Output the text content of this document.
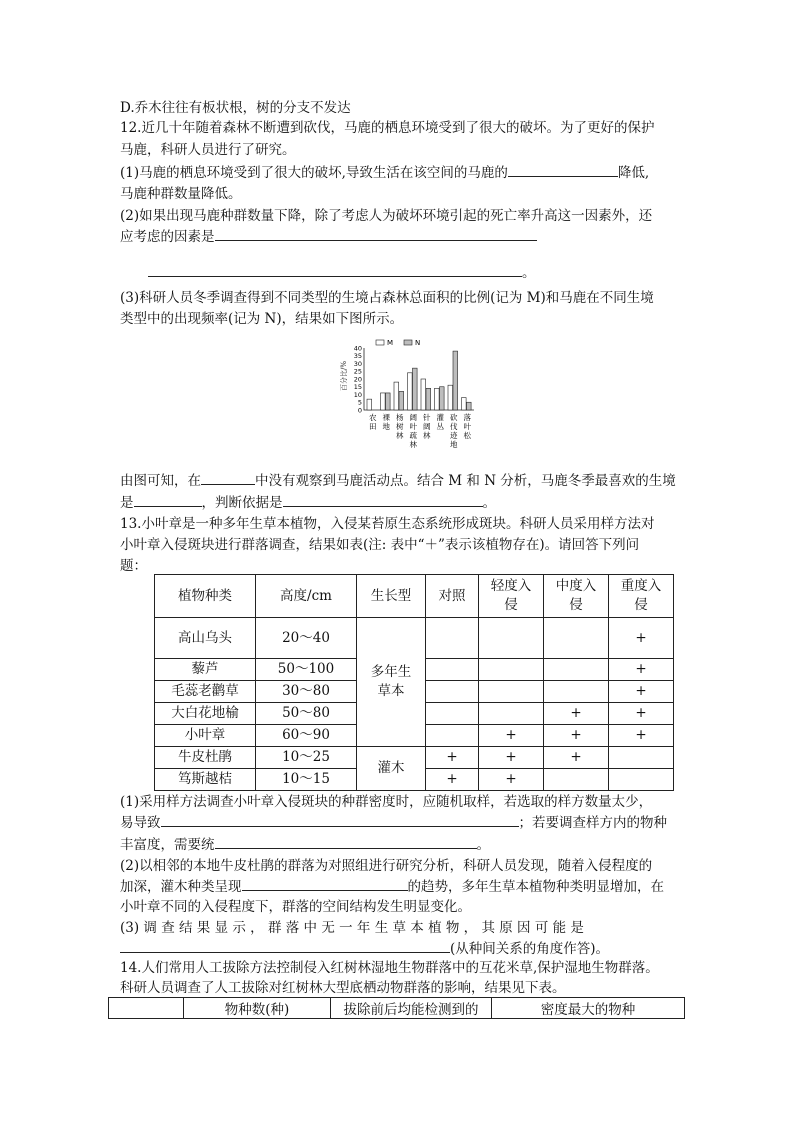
D.乔木往往有板状根，树的分支不发达
12.近几十年随着森林不断遭到砍伐，马鹿的栖息环境受到了很大的破坏。为了更好的保护
马鹿，科研人员进行了研究。
(1)马鹿的栖息环境受到了很大的破坏,导致生活在该空间的马鹿的	降低,
马鹿种群数量降低。
(2)如果出现马鹿种群数量下降，除了考虑人为破坏环境引起的死亡率升高这一因素外，还
应考虑的因素是
。
(3)科研人员冬季调查得到不同类型的生境占森林总面积的比例(记为 M)和马鹿在不同生境
类型中的出现频率(记为 N)，结果如下图所示。
百分比/%
40
35
30
25
20
15
10
5
0
M	N
农田
裸地
杨树林
阔叶疏林
针阔林
灌丛
砍伐迹地
落叶松
由图可知，在	中没有观察到马鹿活动点。结合 M 和 N 分析，马鹿冬季最喜欢的生境
是	，判断依据是	。
13.小叶章是一种多年生草本植物，入侵某苔原生态系统形成斑块。科研人员采用样方法对
小叶章入侵斑块进行群落调查，结果如表(注: 表中“＋”表示该植物存在)。请回答下列问
题：
植物种类	高度/cm	生长型	对照	轻度入侵	中度入侵	重度入侵
高山乌头	20～40	多年生草本				+
藜芦	50～100					+
毛蕊老鹳草	30～80					+
大白花地榆	50～80				+	+
小叶章	60～90			+	+	+
牛皮杜鹃	10～25	灌木	+	+	+	
笃斯越桔	10～15		+	+		
(1)采用样方法调查小叶章入侵斑块的种群密度时，应随机取样，若选取的样方数量太少，
易导致	；若要调查样方内的物种
丰富度，需要统	。
(2)以相邻的本地牛皮杜鹃的群落为对照组进行研究分析，科研人员发现，随着入侵程度的
加深，灌木种类呈现	的趋势，多年生草本植物种类明显增加，在
小叶章不同的入侵程度下，群落的空间结构发生明显变化。
(3) 调 查 结 果 显 示 ， 群 落 中 无 一 年 生 草 本 植 物 ， 其 原 因 可 能 是
(从种间关系的角度作答)。
14.人们常用人工拔除方法控制侵入红树林湿地生物群落中的互花米草,保护湿地生物群落。
科研人员调查了人工拔除对红树林大型底栖动物群落的影响，结果见下表。
	物种数(种)	拔除前后均能检测到的	密度最大的物种
